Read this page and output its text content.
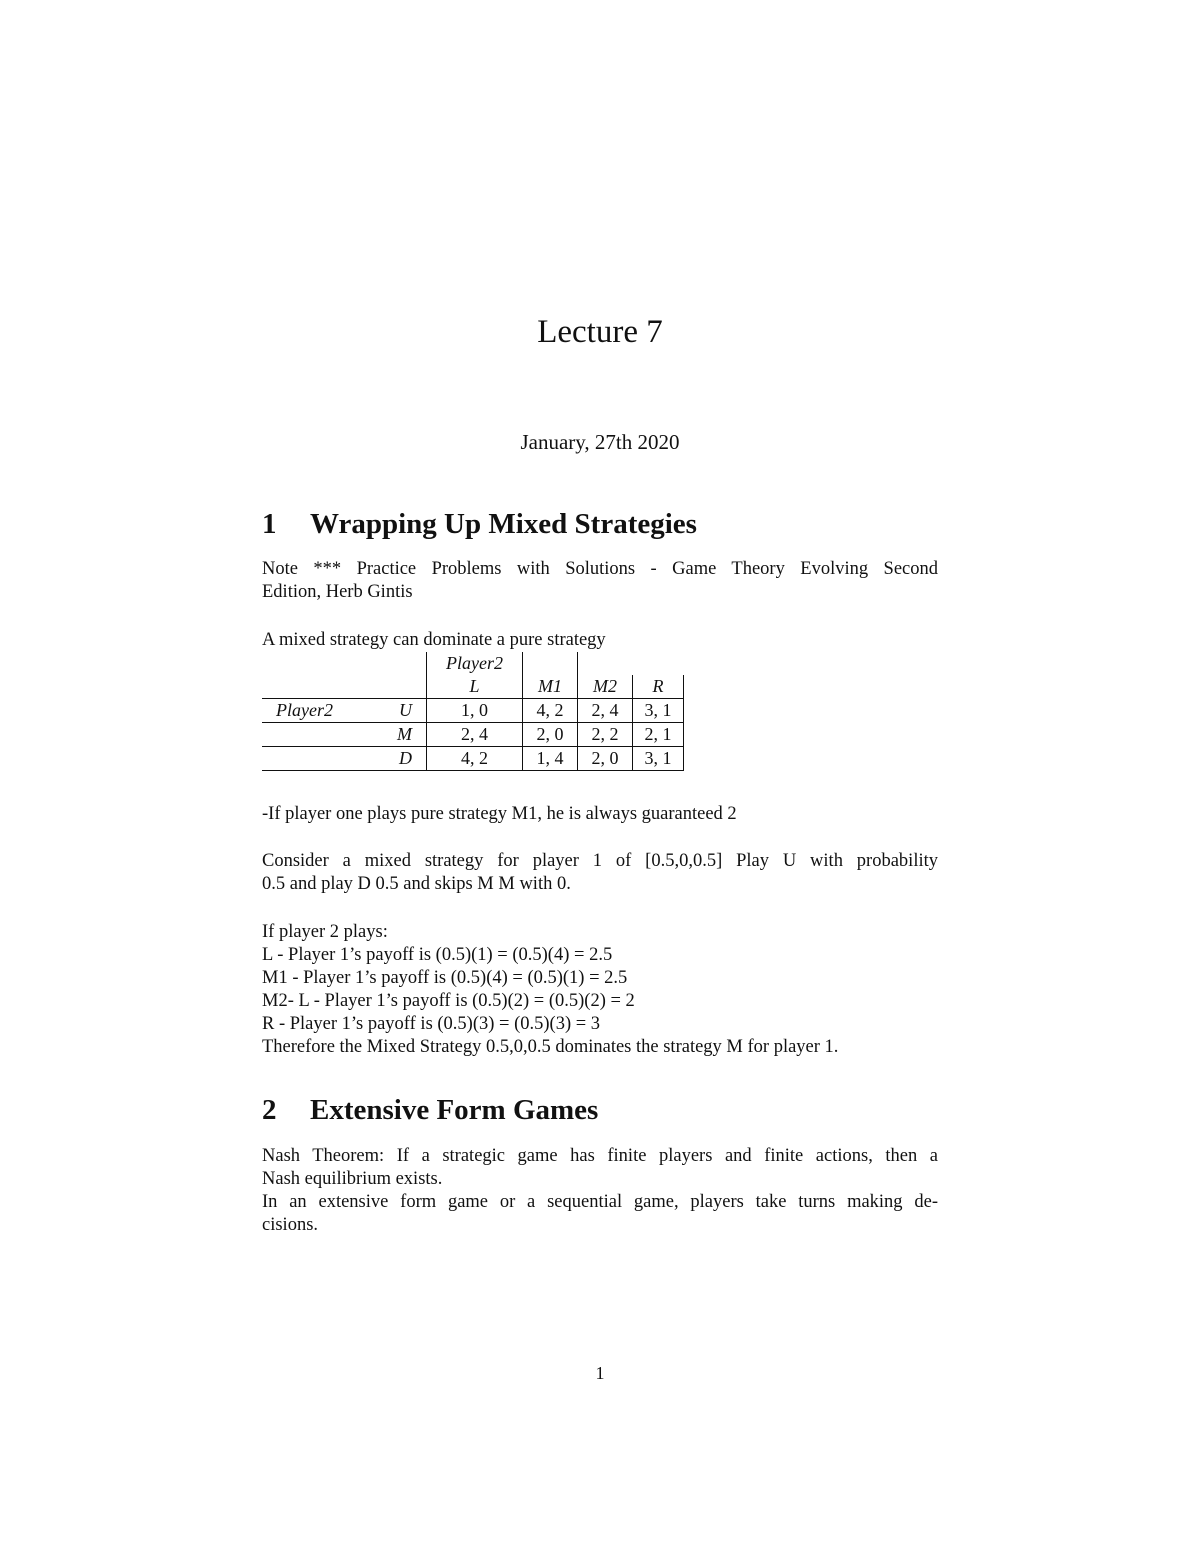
Lecture 7
January, 27th 2020
1 Wrapping Up Mixed Strategies
Note *** Practice Problems with Solutions - Game Theory Evolving Second
Edition, Herb Gintis
A mixed strategy can dominate a pure strategy
		Player2			
		L	M1	M2	R
Player2	U	1, 0	4, 2	2, 4	3, 1
	M	2, 4	2, 0	2, 2	2, 1
	D	4, 2	1, 4	2, 0	3, 1
-If player one plays pure strategy M1, he is always guaranteed 2
Consider a mixed strategy for player 1 of [0.5,0,0.5] Play U with probability
0.5 and play D 0.5 and skips M M with 0.
If player 2 plays:
L - Player 1’s payoff is (0.5)(1) = (0.5)(4) = 2.5
M1 - Player 1’s payoff is (0.5)(4) = (0.5)(1) = 2.5
M2- L - Player 1’s payoff is (0.5)(2) = (0.5)(2) = 2
R - Player 1’s payoff is (0.5)(3) = (0.5)(3) = 3
Therefore the Mixed Strategy 0.5,0,0.5 dominates the strategy M for player 1.
2 Extensive Form Games
Nash Theorem: If a strategic game has finite players and finite actions, then a
Nash equilibrium exists.
In an extensive form game or a sequential game, players take turns making de-
cisions.
1
